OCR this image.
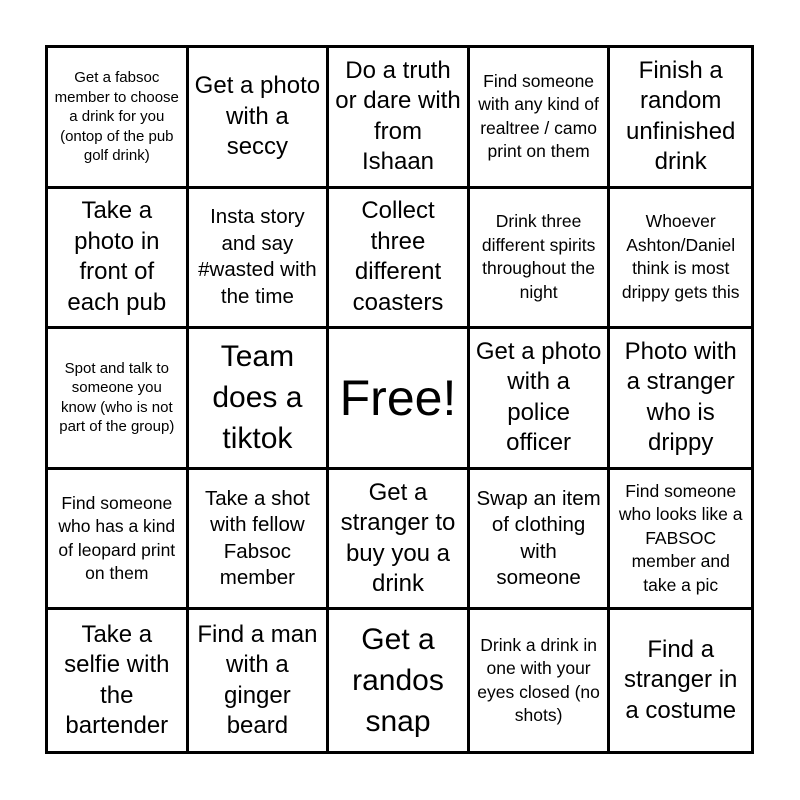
Get a fabsoc member to choose a drink for you (ontop of the pub golf drink)
Get a photo with a seccy
Do a truth or dare with from Ishaan
Find someone with any kind of realtree / camo print on them
Finish a random unfinished drink
Take a photo in front of each pub
Insta story and say #wasted with the time
Collect three different coasters
Drink three different spirits throughout the night
Whoever Ashton/Daniel think is most drippy gets this
Spot and talk to someone you know (who is not part of the group)
Team does a tiktok
Free!
Get a photo with a police officer
Photo with a stranger who is drippy
Find someone who has a kind of leopard print on them
Take a shot with fellow Fabsoc member
Get a stranger to buy you a drink
Swap an item of clothing with someone
Find someone who looks like a FABSOC member and take a pic
Take a selfie with the bartender
Find a man with a ginger beard
Get a randos snap
Drink a drink in one with your eyes closed (no shots)
Find a stranger in a costume
